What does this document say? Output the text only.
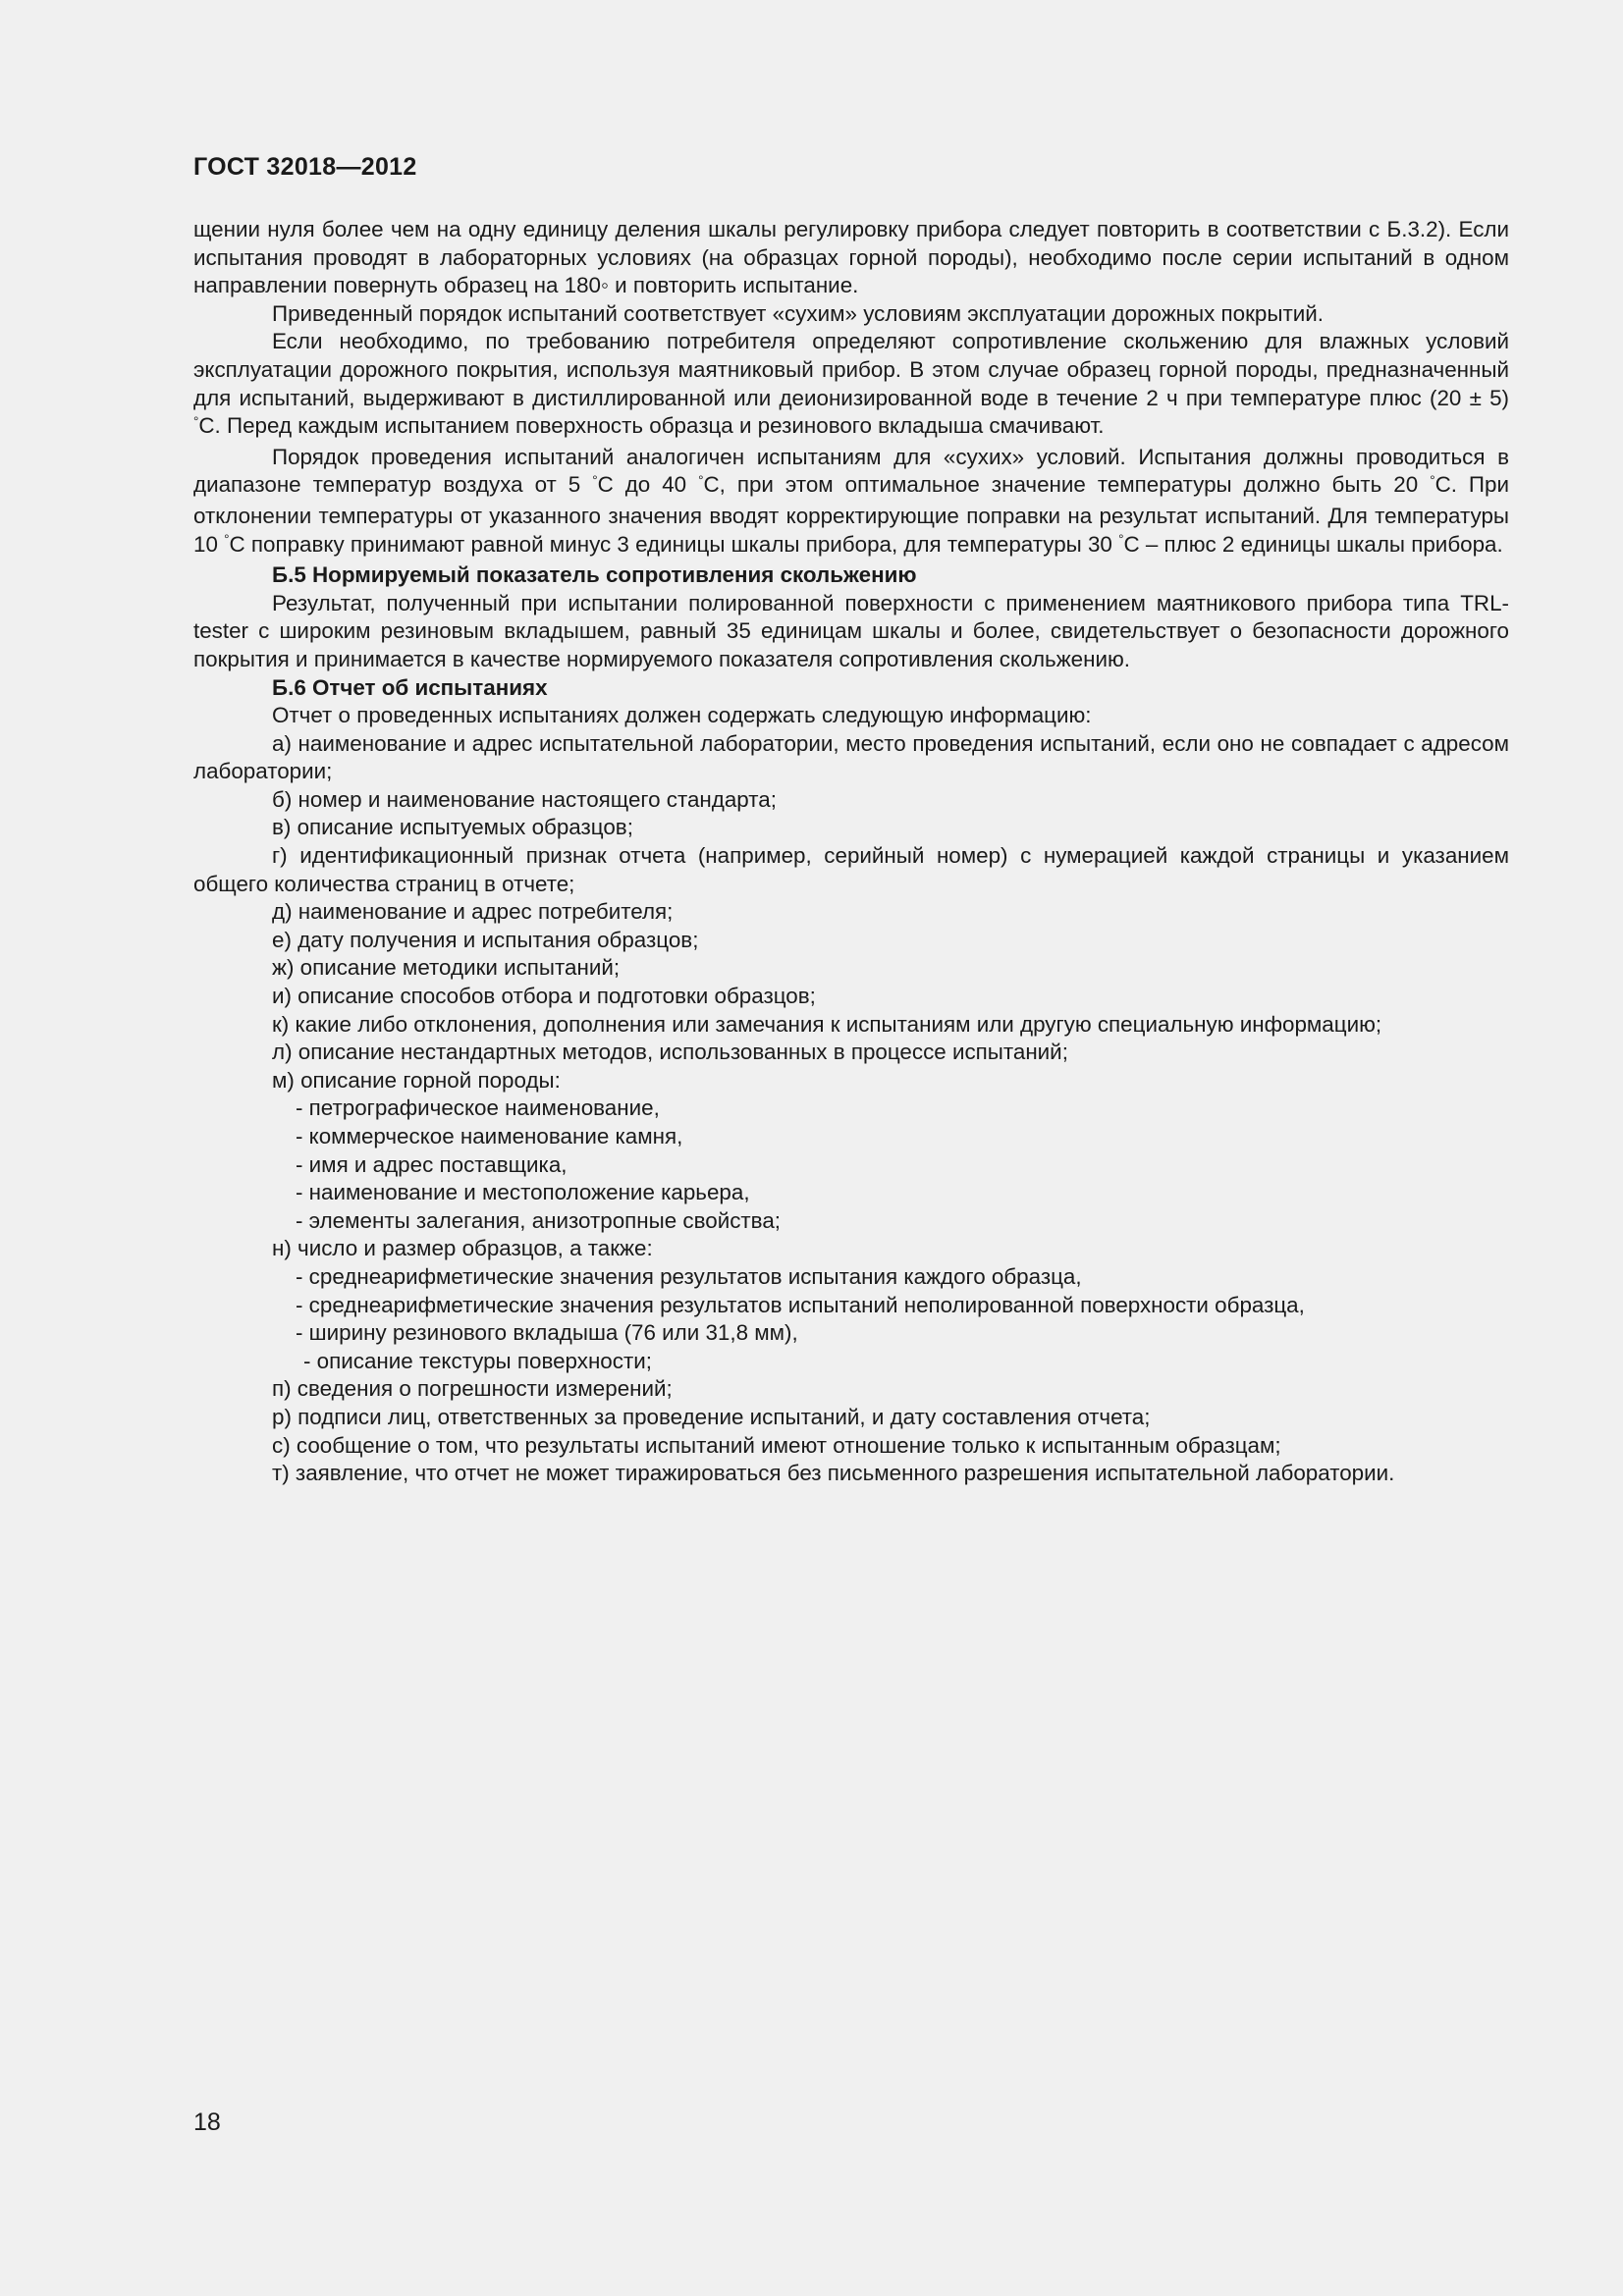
ГОСТ 32018—2012

щении нуля более чем на одну единицу деления шкалы регулировку прибора следует повторить в соответствии с Б.3.2). Если испытания проводят в лабораторных условиях (на образцах горной породы), необходимо после серии испытаний в одном направлении повернуть образец на 180◦ и повторить испытание.

Приведенный порядок испытаний соответствует «сухим» условиям эксплуатации дорожных покрытий.

Если необходимо, по требованию потребителя определяют сопротивление скольжению для влажных условий эксплуатации дорожного покрытия, используя маятниковый прибор. В этом случае образец горной породы, предназначенный для испытаний, выдерживают в дистиллированной или деионизированной воде в течение 2 ч при температуре плюс (20 ± 5) °С. Перед каждым испытанием поверхность образца и резинового вкладыша смачивают.

Порядок проведения испытаний аналогичен испытаниям для «сухих» условий. Испытания должны проводиться в диапазоне температур воздуха от 5 °С до 40 °С, при этом оптимальное значение температуры должно быть 20 °С. При отклонении температуры от указанного значения вводят корректирующие поправки на результат испытаний. Для температуры 10 °С поправку принимают равной минус 3 единицы шкалы прибора, для температуры 30 °С – плюс 2 единицы шкалы прибора.

Б.5 Нормируемый показатель сопротивления скольжению

Результат, полученный при испытании полированной поверхности с применением маятникового прибора типа TRL-tester с широким резиновым вкладышем, равный 35 единицам шкалы и более, свидетельствует о безопасности дорожного покрытия и принимается в качестве нормируемого показателя сопротивления скольжению.

Б.6 Отчет об испытаниях

Отчет о проведенных испытаниях должен содержать следующую информацию:

а) наименование и адрес испытательной лаборатории, место проведения испытаний, если оно не совпадает с адресом лаборатории;

б) номер и наименование настоящего стандарта;

в) описание испытуемых образцов;

г) идентификационный признак отчета (например, серийный номер) с нумерацией каждой страницы и указанием общего количества страниц в отчете;

д) наименование и адрес потребителя;

е) дату получения и испытания образцов;

ж) описание методики испытаний;

и) описание способов отбора и подготовки образцов;

к) какие либо отклонения, дополнения или замечания к испытаниям или другую специальную информацию;

л) описание нестандартных методов, использованных в процессе испытаний;

м) описание горной породы:

- петрографическое наименование,

- коммерческое наименование камня,

- имя и адрес поставщика,

- наименование и местоположение карьера,

- элементы залегания, анизотропные свойства;

н) число и размер образцов, а также:

- среднеарифметические значения результатов испытания каждого образца,

- среднеарифметические значения результатов испытаний неполированной поверхности образца,

- ширину резинового вкладыша (76 или 31,8 мм),

- описание текстуры поверхности;

п) сведения о погрешности измерений;

р) подписи лиц, ответственных за проведение испытаний, и дату составления отчета;

с) сообщение о том, что результаты испытаний имеют отношение только к испытанным образцам;

т) заявление, что отчет не может тиражироваться без письменного разрешения испытательной лаборатории.

18
